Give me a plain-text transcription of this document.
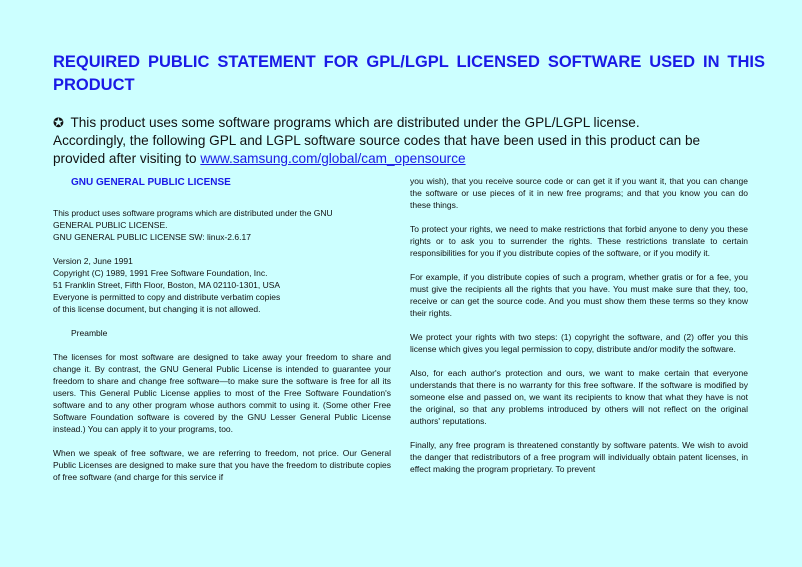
REQUIRED PUBLIC STATEMENT FOR GPL/LGPL LICENSED SOFTWARE USED IN THIS PRODUCT
✪ This product uses some software programs which are distributed under the GPL/LGPL license.
Accordingly, the following GPL and LGPL software source codes that have been used in this product can be
provided after visiting to www.samsung.com/global/cam_opensource
GNU GENERAL PUBLIC LICENSE

This product uses software programs which are distributed under the GNU

GENERAL PUBLIC LICENSE.

GNU GENERAL PUBLIC LICENSE SW: linux-2.6.17

Version 2, June 1991

Copyright (C) 1989, 1991 Free Software Foundation, Inc.

51 Franklin Street, Fifth Floor, Boston, MA 02110-1301, USA

Everyone is permitted to copy and distribute verbatim copies

of this license document, but changing it is not allowed.

Preamble

The licenses for most software are designed to take away your freedom to share and change it. By contrast, the GNU General Public License is intended to guarantee your freedom to share and change free software—to make sure the software is free for all its users. This General Public License applies to most of the Free Software Foundation's software and to any other program whose authors commit to using it. (Some other Free Software Foundation software is covered by the GNU Lesser General Public License instead.) You can apply it to your programs, too.

When we speak of free software, we are referring to freedom, not price. Our General Public Licenses are designed to make sure that you have the freedom to distribute copies of free software (and charge for this service if

you wish), that you receive source code or can get it if you want it, that you can change the software or use pieces of it in new free programs; and that you know you can do these things.

To protect your rights, we need to make restrictions that forbid anyone to deny you these rights or to ask you to surrender the rights. These restrictions translate to certain responsibilities for you if you distribute copies of the software, or if you modify it.

For example, if you distribute copies of such a program, whether gratis or for a fee, you must give the recipients all the rights that you have. You must make sure that they, too, receive or can get the source code. And you must show them these terms so they know their rights.

We protect your rights with two steps: (1) copyright the software, and (2) offer you this license which gives you legal permission to copy, distribute and/or modify the software.

Also, for each author's protection and ours, we want to make certain that everyone understands that there is no warranty for this free software. If the software is modified by someone else and passed on, we want its recipients to know that what they have is not the original, so that any problems introduced by others will not reflect on the original authors' reputations.

Finally, any free program is threatened constantly by software patents. We wish to avoid the danger that redistributors of a free program will individually obtain patent licenses, in effect making the program proprietary. To prevent
